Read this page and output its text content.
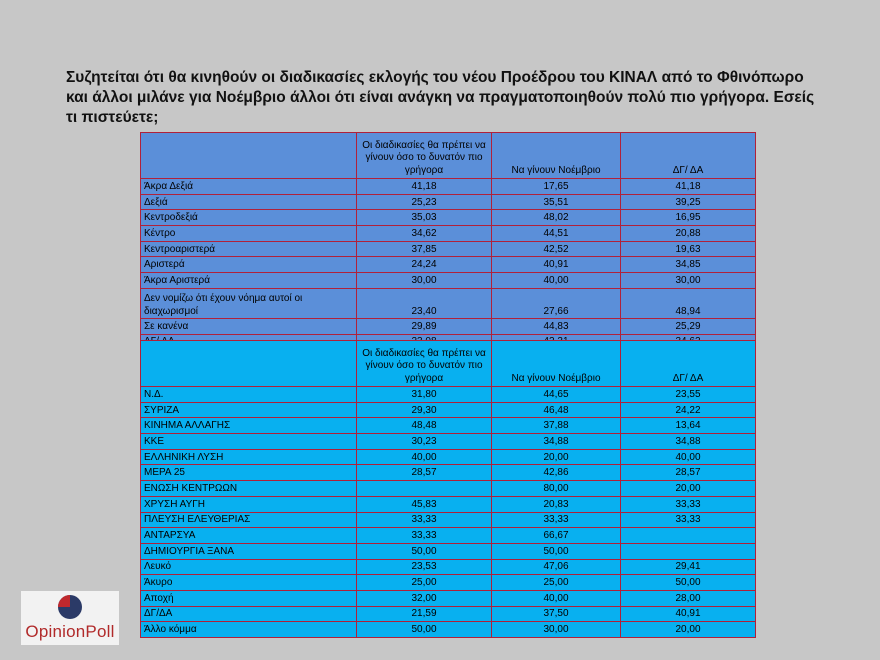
Συζητείται ότι θα κινηθούν οι διαδικασίες εκλογής του νέου Προέδρου του ΚΙΝΑΛ από το Φθινόπωρο και άλλοι μιλάνε για Νοέμβριο άλλοι ότι είναι ανάγκη να πραγματοποιηθούν πολύ πιο γρήγορα. Εσείς τι πιστεύετε;

	Οι διαδικασίες θα πρέπει να γίνουν όσο το δυνατόν πιο γρήγορα	Να γίνουν Νοέμβριο	ΔΓ/ ΔΑ
Άκρα Δεξιά	41,18	17,65	41,18
Δεξιά	25,23	35,51	39,25
Κεντροδεξιά	35,03	48,02	16,95
Κέντρο	34,62	44,51	20,88
Κεντροαριστερά	37,85	42,52	19,63
Αριστερά	24,24	40,91	34,85
Άκρα Αριστερά	30,00	40,00	30,00
Δεν νομίζω ότι έχουν νόημα αυτοί οι διαχωρισμοί	23,40	27,66	48,94
Σε κανένα	29,89	44,83	25,29

	Οι διαδικασίες θα πρέπει να γίνουν όσο το δυνατόν πιο γρήγορα	Να γίνουν Νοέμβριο	ΔΓ/ ΔΑ
Ν.Δ.	31,80	44,65	23,55
ΣΥΡΙΖΑ	29,30	46,48	24,22
ΚΙΝΗΜΑ ΑΛΛΑΓΗΣ	48,48	37,88	13,64
ΚΚΕ	30,23	34,88	34,88
ΕΛΛΗΝΙΚΗ ΛΥΣΗ	40,00	20,00	40,00
ΜΕΡΑ 25	28,57	42,86	28,57
ΕΝΩΣΗ ΚΕΝΤΡΩΩΝ		80,00	20,00
ΧΡΥΣΗ ΑΥΓΗ	45,83	20,83	33,33
ΠΛΕΥΣΗ ΕΛΕΥΘΕΡΙΑΣ	33,33	33,33	33,33
ΑΝΤΑΡΣΥΑ	33,33	66,67	
ΔΗΜΙΟΥΡΓΙΑ ΞΑΝΑ	50,00	50,00	
Λευκό	23,53	47,06	29,41
Άκυρο	25,00	25,00	50,00
Αποχή	32,00	40,00	28,00
ΔΓ/ΔΑ	21,59	37,50	40,91
Άλλο κόμμα	50,00	30,00	20,00
OpinionPoll
